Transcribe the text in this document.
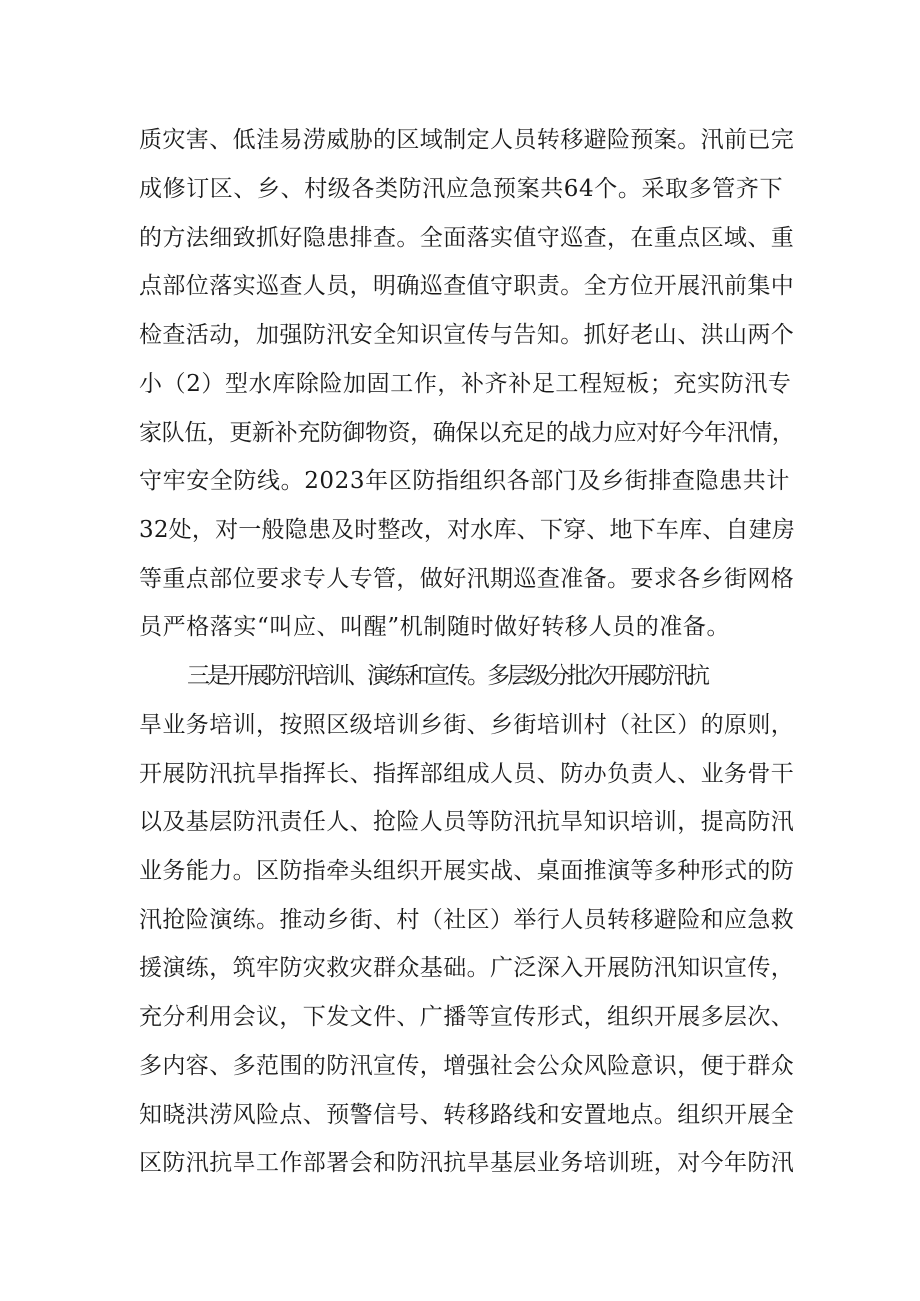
质灾害、低洼易涝威胁的区域制定人员转移避险预案。汛前已完
成修订区、乡、村级各类防汛应急预案共64个。采取多管齐下
的方法细致抓好隐患排查。全面落实值守巡查，在重点区域、重
点部位落实巡查人员，明确巡查值守职责。全方位开展汛前集中
检查活动，加强防汛安全知识宣传与告知。抓好老山、洪山两个
小（2）型水库除险加固工作，补齐补足工程短板；充实防汛专
家队伍，更新补充防御物资，确保以充足的战力应对好今年汛情，
守牢安全防线。2023年区防指组织各部门及乡街排查隐患共计
32处，对一般隐患及时整改，对水库、下穿、地下车库、自建房
等重点部位要求专人专管，做好汛期巡查准备。要求各乡街网格
员严格落实“叫应、叫醒”机制随时做好转移人员的准备。
三是开展防汛培训、演练和宣传。多层级分批次开展防汛抗
旱业务培训，按照区级培训乡街、乡街培训村（社区）的原则，
开展防汛抗旱指挥长、指挥部组成人员、防办负责人、业务骨干
以及基层防汛责任人、抢险人员等防汛抗旱知识培训，提高防汛
业务能力。区防指牵头组织开展实战、桌面推演等多种形式的防
汛抢险演练。推动乡街、村（社区）举行人员转移避险和应急救
援演练，筑牢防灾救灾群众基础。广泛深入开展防汛知识宣传，
充分利用会议，下发文件、广播等宣传形式，组织开展多层次、
多内容、多范围的防汛宣传，增强社会公众风险意识，便于群众
知晓洪涝风险点、预警信号、转移路线和安置地点。组织开展全
区防汛抗旱工作部署会和防汛抗旱基层业务培训班，对今年防汛
